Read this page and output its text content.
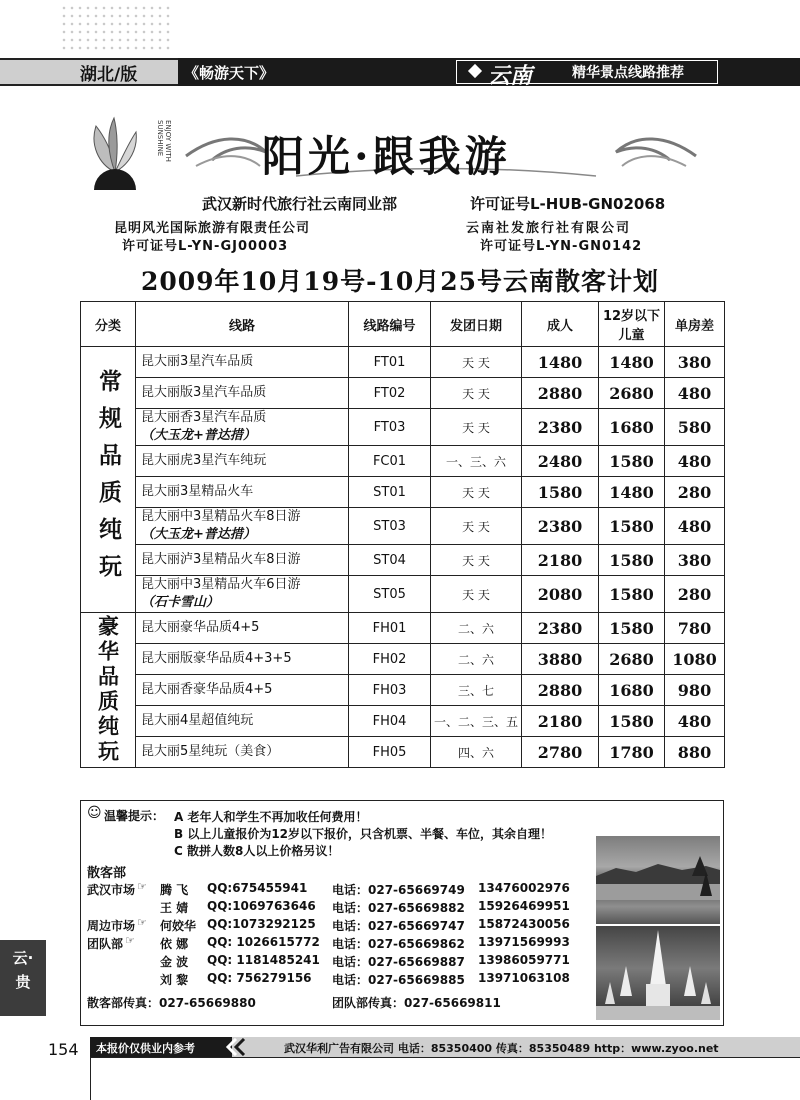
湖北/版	《畅游天下》	云南	精华景点线路推荐
ENJOY WITH SUNSHINE 阳光·跟我游
武汉新时代旅行社云南同业部	许可证号L-HUB-GN02068
昆明风光国际旅游有限责任公司	云南社发旅行社有限公司
许可证号L-YN-GJ00003	许可证号L-YN-GN0142
2009年10月19号-10月25号云南散客计划
分类	线路	线路编号	发团日期	成人	12岁以下
儿童	单房差
常规品质纯玩	昆大丽3星汽车品质	FT01	天 天	1480	1480	380

	昆大丽版3星汽车品质	FT02	天 天	2880	2680	480

	昆大丽香3星汽车品质
（大玉龙+普达措）	FT03	天 天	2380	1680	580

	昆大丽虎3星汽车纯玩	FC01	一、三、六	2480	1580	480

	昆大丽3星精品火车	ST01	天 天	1580	1480	280

	昆大丽中3星精品火车8日游
（大玉龙+普达措）	ST03	天 天	2380	1580	480

	昆大丽泸3星精品火车8日游	ST04	天 天	2180	1580	380

	昆大丽中3星精品火车6日游
（石卡雪山）	ST05	天 天	2080	1580	280
豪华品质纯玩	昆大丽豪华品质4+5	FH01	二、六	2380	1580	780

	昆大丽版豪华品质4+3+5	FH02	二、六	3880	2680	1080

	昆大丽香豪华品质4+5	FH03	三、七	2880	1680	980

	昆大丽4星超值纯玩	FH04	一、二、三、五	2180	1580	480

	昆大丽5星纯玩（美食）	FH05	四、六	2780	1780	880
☺ 温馨提示： A 老年人和学生不再加收任何费用！
B 以上儿童报价为12岁以下报价，只含机票、半餐、车位，其余自理！
C 散拼人数8人以上价格另议！
散客部
武汉市场 ☞ 腾 飞 QQ:675455941 电话：027-65669749 13476002976
王 婧 QQ:1069763646 电话：027-65669882 15926469951
周边市场 ☞ 何姣华 QQ:1073292125 电话：027-65669747 15872430056
团队部 ☞ 依 娜 QQ: 1026615772 电话：027-65669862 13971569993
金 波 QQ: 1181485241 电话：027-65669887 13986059771
刘 黎 QQ: 756279156 电话：027-65669885 13971063108
散客部传真：027-65669880	团队部传真：027-65669811
云·
贵
154 本报价仅供业内参考	武汉华利广告有限公司 电话：85350400 传真：85350489 http：www.zyoo.net
